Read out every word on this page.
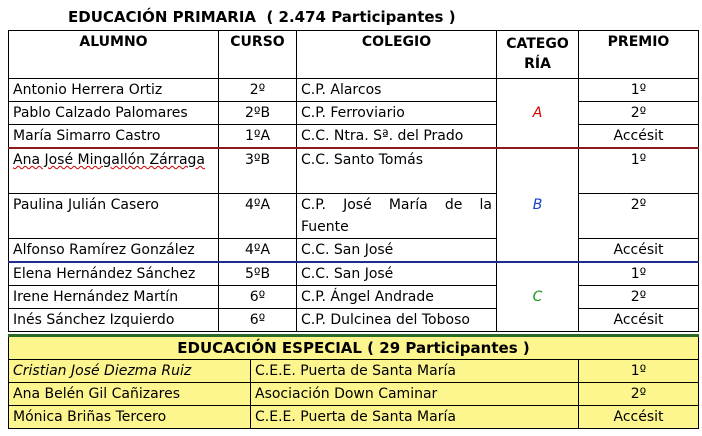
EDUCACIÓN PRIMARIA  ( 2.474 Participantes )
ALUMNO	CURSO	COLEGIO	CATEGO RÍA	PREMIO
Antonio Herrera Ortiz	2º	C.P. Alarcos	A	1º
Pablo Calzado Palomares	2ºB	C.P. Ferroviario		2º
María Simarro Castro	1ºA	C.C. Ntra. Sª. del Prado		Accésit
Ana José Mingallón Zárraga	3ºB	C.C. Santo Tomás	B	1º
Paulina Julián Casero	4ºA	C.P. José María de la Fuente		2º
Alfonso Ramírez González	4ºA	C.C. San José		Accésit
Elena Hernández Sánchez	5ºB	C.C. San José	C	1º
Irene Hernández Martín	6º	C.P. Ángel Andrade		2º
Inés Sánchez Izquierdo	6º	C.P. Dulcinea del Toboso		Accésit
EDUCACIÓN ESPECIAL ( 29 Participantes )		
Cristian José Diezma Ruiz	C.E.E. Puerta de Santa María	1º
Ana Belén Gil Cañizares	Asociación Down Caminar	2º
Mónica Briñas Tercero	C.E.E. Puerta de Santa María	Accésit
